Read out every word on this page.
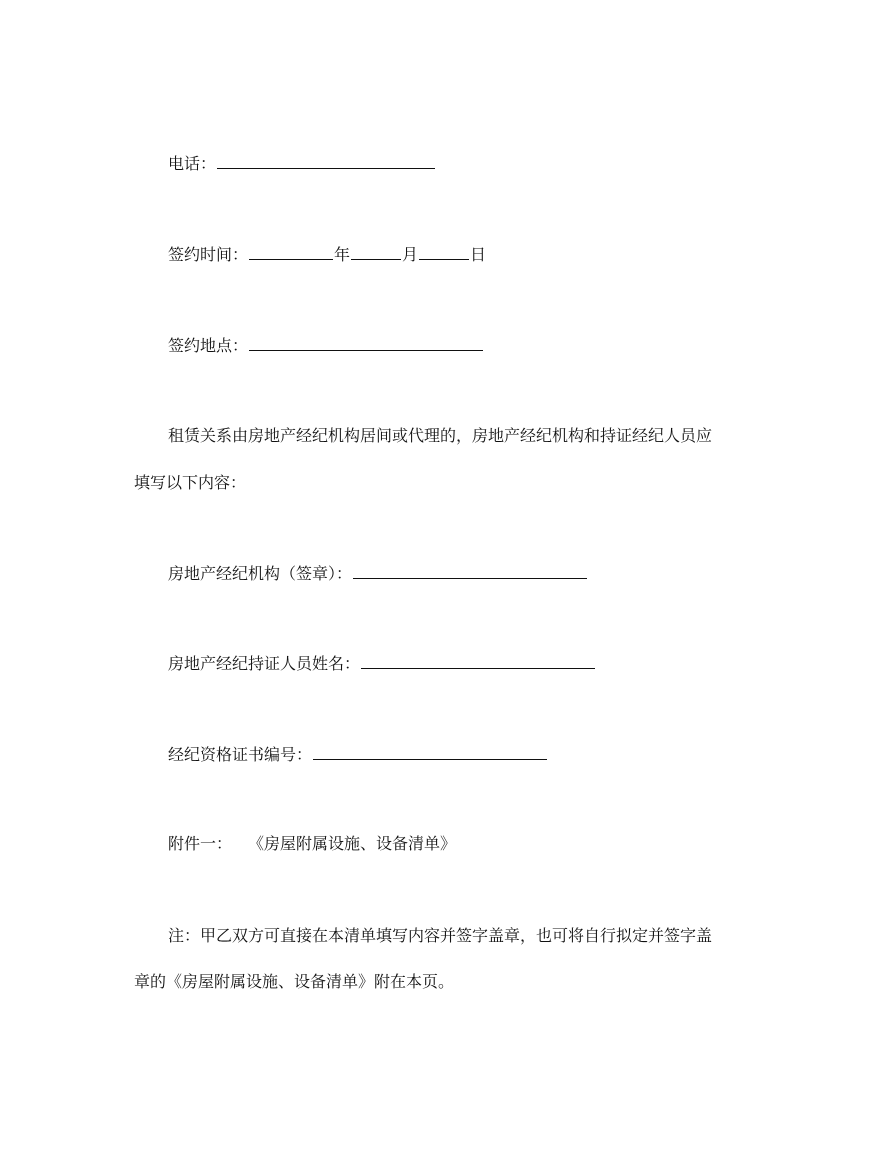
电话：
签约时间：	年	月	日
签约地点：
租赁关系由房地产经纪机构居间或代理的，房地产经纪机构和持证经纪人员应
填写以下内容：
房地产经纪机构（签章）：
房地产经纪持证人员姓名：
经纪资格证书编号：
附件一： 《房屋附属设施、设备清单》
注：甲乙双方可直接在本清单填写内容并签字盖章，也可将自行拟定并签字盖
章的《房屋附属设施、设备清单》附在本页。
